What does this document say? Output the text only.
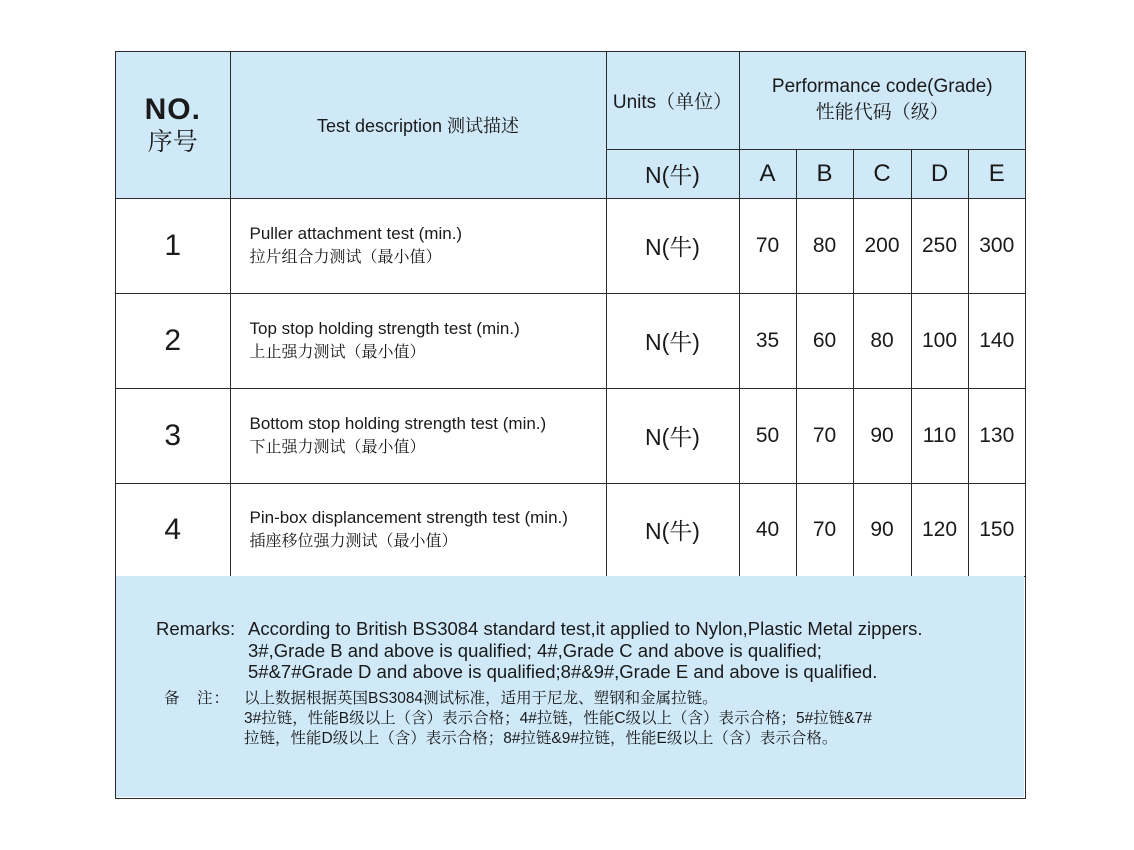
NO.
序号	Test description 测试描述	Units（单位）	Performance code(Grade)
性能代码（级）				

		N(牛)	A	B	C	D	E
1	Puller attachment test (min.)
拉片组合力测试（最小值）	N(牛)	70	80	200	250	300
2	Top stop holding strength test (min.)
上止强力测试（最小值）	N(牛)	35	60	80	100	140
3	Bottom stop holding strength test (min.)
下止强力测试（最小值）	N(牛)	50	70	90	110	130
4	Pin-box displancement strength test (min.)
插座移位强力测试（最小值）	N(牛)	40	70	90	120	150
Remarks: According to British BS3084 standard test,it applied to Nylon,Plastic Metal zippers.
3#,Grade B and above is qualified; 4#,Grade C and above is qualified;
5#&7#Grade D and above is qualified;8#&9#,Grade E and above is qualified.
备　注： 以上数据根据英国BS3084测试标准，适用于尼龙、塑钢和金属拉链。
3#拉链，性能B级以上（含）表示合格；4#拉链，性能C级以上（含）表示合格；5#拉链&7#
拉链，性能D级以上（含）表示合格；8#拉链&9#拉链，性能E级以上（含）表示合格。
